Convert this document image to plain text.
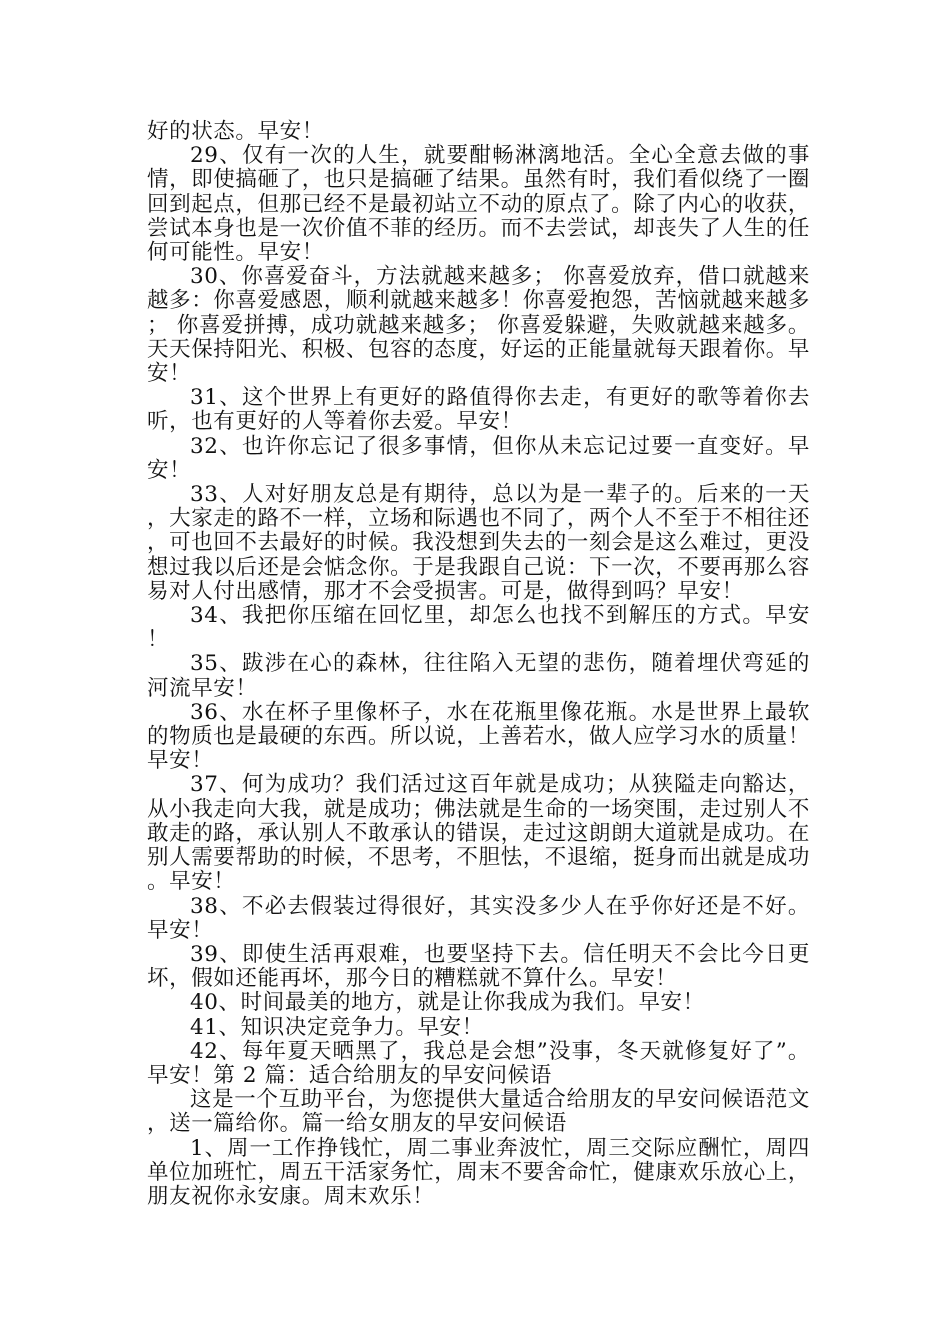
好的状态。早安！

29、仅有一次的人生，就要酣畅淋漓地活。全心全意去做的事情，即使搞砸了，也只是搞砸了结果。虽然有时，我们看似绕了一圈回到起点，但那已经不是最初站立不动的原点了。除了内心的收获，尝试本身也是一次价值不菲的经历。而不去尝试，却丧失了人生的任何可能性。早安！

30、你喜爱奋斗，方法就越来越多； 你喜爱放弃，借口就越来越多：你喜爱感恩，顺利就越来越多！你喜爱抱怨，苦恼就越来越多； 你喜爱拼搏，成功就越来越多； 你喜爱躲避，失败就越来越多。 天天保持阳光、积极、包容的态度，好运的正能量就每天跟着你。早安！

31、这个世界上有更好的路值得你去走，有更好的歌等着你去听，也有更好的人等着你去爱。早安！

32、也许你忘记了很多事情，但你从未忘记过要一直变好。早安！

33、人对好朋友总是有期待，总以为是一辈子的。后来的一天，大家走的路不一样，立场和际遇也不同了，两个人不至于不相往还，可也回不去最好的时候。我没想到失去的一刻会是这么难过，更没想过我以后还是会惦念你。于是我跟自己说：下一次，不要再那么容易对人付出感情，那才不会受损害。可是，做得到吗？早安！

34、我把你压缩在回忆里，却怎么也找不到解压的方式。早安！

35、跋涉在心的森林，往往陷入无望的悲伤，随着埋伏弯延的河流早安！

36、水在杯子里像杯子，水在花瓶里像花瓶。水是世界上最软的物质也是最硬的东西。所以说，上善若水，做人应学习水的质量！早安！

37、何为成功？我们活过这百年就是成功；从狭隘走向豁达，从小我走向大我，就是成功；佛法就是生命的一场突围，走过别人不敢走的路，承认别人不敢承认的错误，走过这朗朗大道就是成功。在别人需要帮助的时候，不思考，不胆怯，不退缩，挺身而出就是成功。早安！

38、不必去假装过得很好，其实没多少人在乎你好还是不好。早安！

39、即使生活再艰难，也要坚持下去。信任明天不会比今日更坏，假如还能再坏，那今日的糟糕就不算什么。早安！

40、时间最美的地方，就是让你我成为我们。早安！

41、知识决定竞争力。早安！

42、每年夏天晒黑了，我总是会想”没事，冬天就修复好了”。早安！第 2 篇：适合给朋友的早安问候语

这是一个互助平台，为您提供大量适合给朋友的早安问候语范文，送一篇给你。篇一给女朋友的早安问候语

1、周一工作挣钱忙，周二事业奔波忙，周三交际应酬忙，周四单位加班忙，周五干活家务忙，周末不要舍命忙，健康欢乐放心上，朋友祝你永安康。周末欢乐！
